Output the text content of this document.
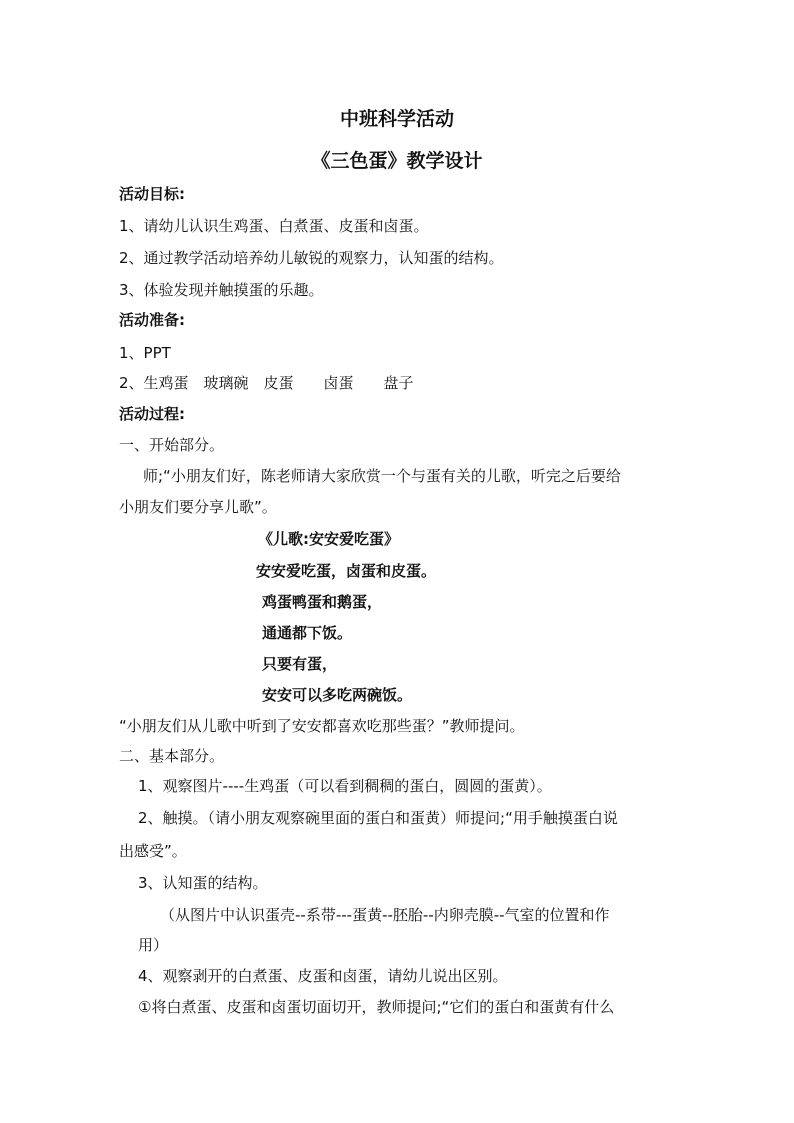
中班科学活动
《三色蛋》教学设计

活动目标:

1、请幼儿认识生鸡蛋、白煮蛋、皮蛋和卤蛋。

2、通过教学活动培养幼儿敏锐的观察力，认知蛋的结构。

3、体验发现并触摸蛋的乐趣。

活动准备:

1、PPT

2、生鸡蛋　玻璃碗　皮蛋　　卤蛋　　盘子

活动过程:

一、开始部分。

师;“小朋友们好，陈老师请大家欣赏一个与蛋有关的儿歌，听完之后要给

小朋友们要分享儿歌”。

《儿歌:安安爱吃蛋》

安安爱吃蛋，卤蛋和皮蛋。

鸡蛋鸭蛋和鹅蛋，

通通都下饭。

只要有蛋，

安安可以多吃两碗饭。

“小朋友们从儿歌中听到了安安都喜欢吃那些蛋？”教师提问。

二、基本部分。

1、观察图片----生鸡蛋（可以看到稠稠的蛋白，圆圆的蛋黄）。

2、触摸。（请小朋友观察碗里面的蛋白和蛋黄）师提问;“用手触摸蛋白说

出感受”。

3、认知蛋的结构。

（从图片中认识蛋壳--系带---蛋黄--胚胎--内卵壳膜--气室的位置和作

用）

4、观察剥开的白煮蛋、皮蛋和卤蛋，请幼儿说出区别。

①将白煮蛋、皮蛋和卤蛋切面切开，教师提问;“它们的蛋白和蛋黄有什么
